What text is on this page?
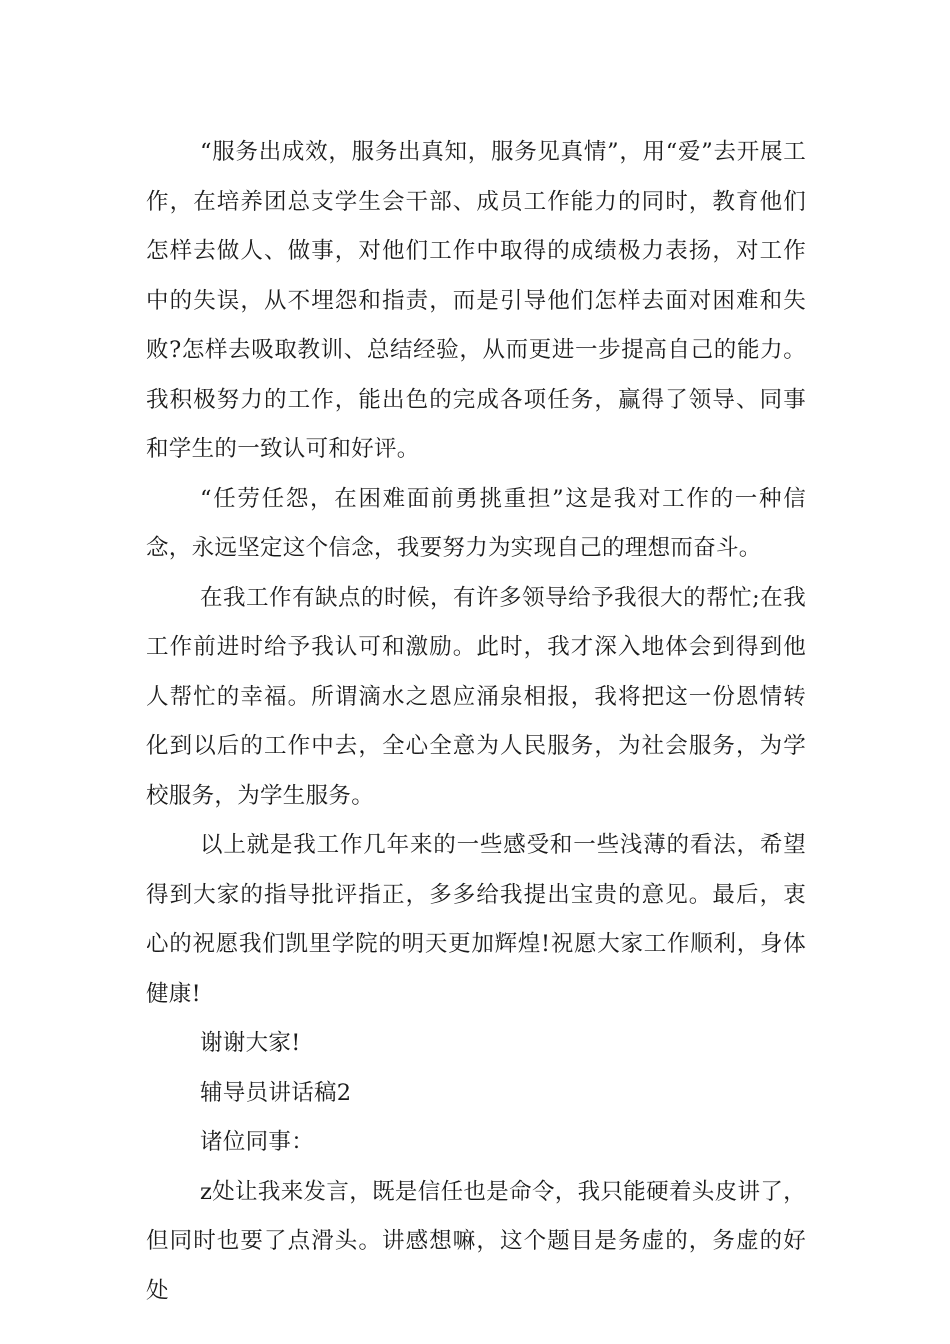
“服务出成效，服务出真知，服务见真情”，用“爱”去开展工作，在培养团总支学生会干部、成员工作能力的同时，教育他们怎样去做人、做事，对他们工作中取得的成绩极力表扬，对工作中的失误，从不埋怨和指责，而是引导他们怎样去面对困难和失败?怎样去吸取教训、总结经验，从而更进一步提高自己的能力。我积极努力的工作，能出色的完成各项任务，赢得了领导、同事和学生的一致认可和好评。

“任劳任怨，在困难面前勇挑重担”这是我对工作的一种信念，永远坚定这个信念，我要努力为实现自己的理想而奋斗。

在我工作有缺点的时候，有许多领导给予我很大的帮忙;在我工作前进时给予我认可和激励。此时，我才深入地体会到得到他人帮忙的幸福。所谓滴水之恩应涌泉相报，我将把这一份恩情转化到以后的工作中去，全心全意为人民服务，为社会服务，为学校服务，为学生服务。

以上就是我工作几年来的一些感受和一些浅薄的看法，希望得到大家的指导批评指正，多多给我提出宝贵的意见。最后，衷心的祝愿我们凯里学院的明天更加辉煌!祝愿大家工作顺利，身体健康!

谢谢大家!

辅导员讲话稿2

诸位同事：

z处让我来发言，既是信任也是命令，我只能硬着头皮讲了，但同时也要了点滑头。讲感想嘛，这个题目是务虚的，务虚的好处
